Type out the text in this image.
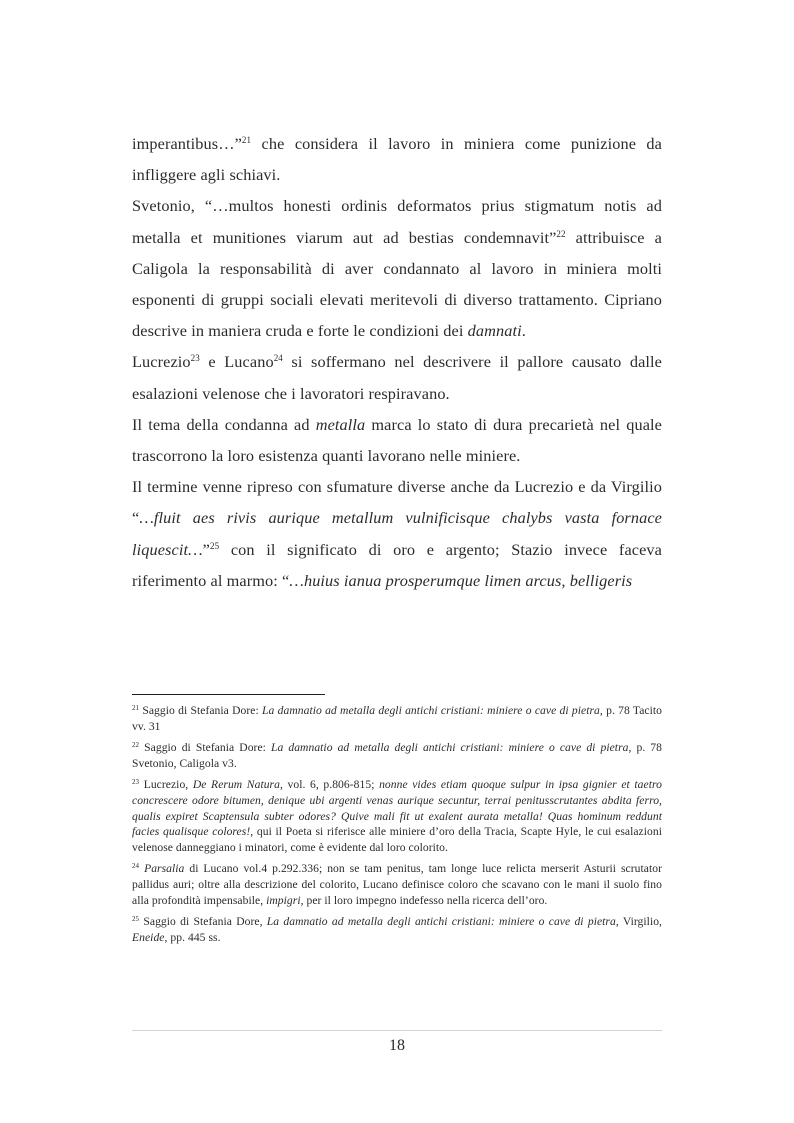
imperantibus…”$^{21}$ che considera il lavoro in miniera come punizione da infliggere agli schiavi.

Svetonio, “…multos honesti ordinis deformatos prius stigmatum notis ad metalla et munitiones viarum aut ad bestias condemnavit”$^{22}$ attribuisce a Caligola la responsabilità di aver condannato al lavoro in miniera molti esponenti di gruppi sociali elevati meritevoli di diverso trattamento. Cipriano descrive in maniera cruda e forte le condizioni dei damnati.

Lucrezio$^{23}$ e Lucano$^{24}$ si soffermano nel descrivere il pallore causato dalle esalazioni velenose che i lavoratori respiravano.

Il tema della condanna ad metalla marca lo stato di dura precarietà nel quale trascorrono la loro esistenza quanti lavorano nelle miniere.

Il termine venne ripreso con sfumature diverse anche da Lucrezio e da Virgilio “…fluit aes rivis aurique metallum vulnificisque chalybs vasta fornace liquescit…”$^{25}$ con il significato di oro e argento; Stazio invece faceva riferimento al marmo: “…huius ianua prosperumque limen arcus, belligeris

$^{21}$ Saggio di Stefania Dore: La damnatio ad metalla degli antichi cristiani: miniere o cave di pietra, p. 78 Tacito vv. 31

$^{22}$ Saggio di Stefania Dore: La damnatio ad metalla degli antichi cristiani: miniere o cave di pietra, p. 78 Svetonio, Caligola v3.

$^{23}$ Lucrezio, De Rerum Natura, vol. 6, p.806-815; nonne vides etiam quoque sulpur in ipsa gignier et taetro concrescere odore bitumen, denique ubi argenti venas aurique secuntur, terrai penitusscrutantes abdita ferro, qualis expiret Scaptensula subter odores? Quive mali fit ut exalent aurata metalla! Quas hominum reddunt facies qualisque colores!, qui il Poeta si riferisce alle miniere d’oro della Tracia, Scapte Hyle, le cui esalazioni velenose danneggiano i minatori, come è evidente dal loro colorito.

$^{24}$ Parsalia di Lucano vol.4 p.292.336; non se tam penitus, tam longe luce relicta merserit Asturii scrutator pallidus auri; oltre alla descrizione del colorito, Lucano definisce coloro che scavano con le mani il suolo fino alla profondità impensabile, impigri, per il loro impegno indefesso nella ricerca dell’oro.

$^{25}$ Saggio di Stefania Dore, La damnatio ad metalla degli antichi cristiani: miniere o cave di pietra, Virgilio, Eneide, pp. 445 ss.

18
